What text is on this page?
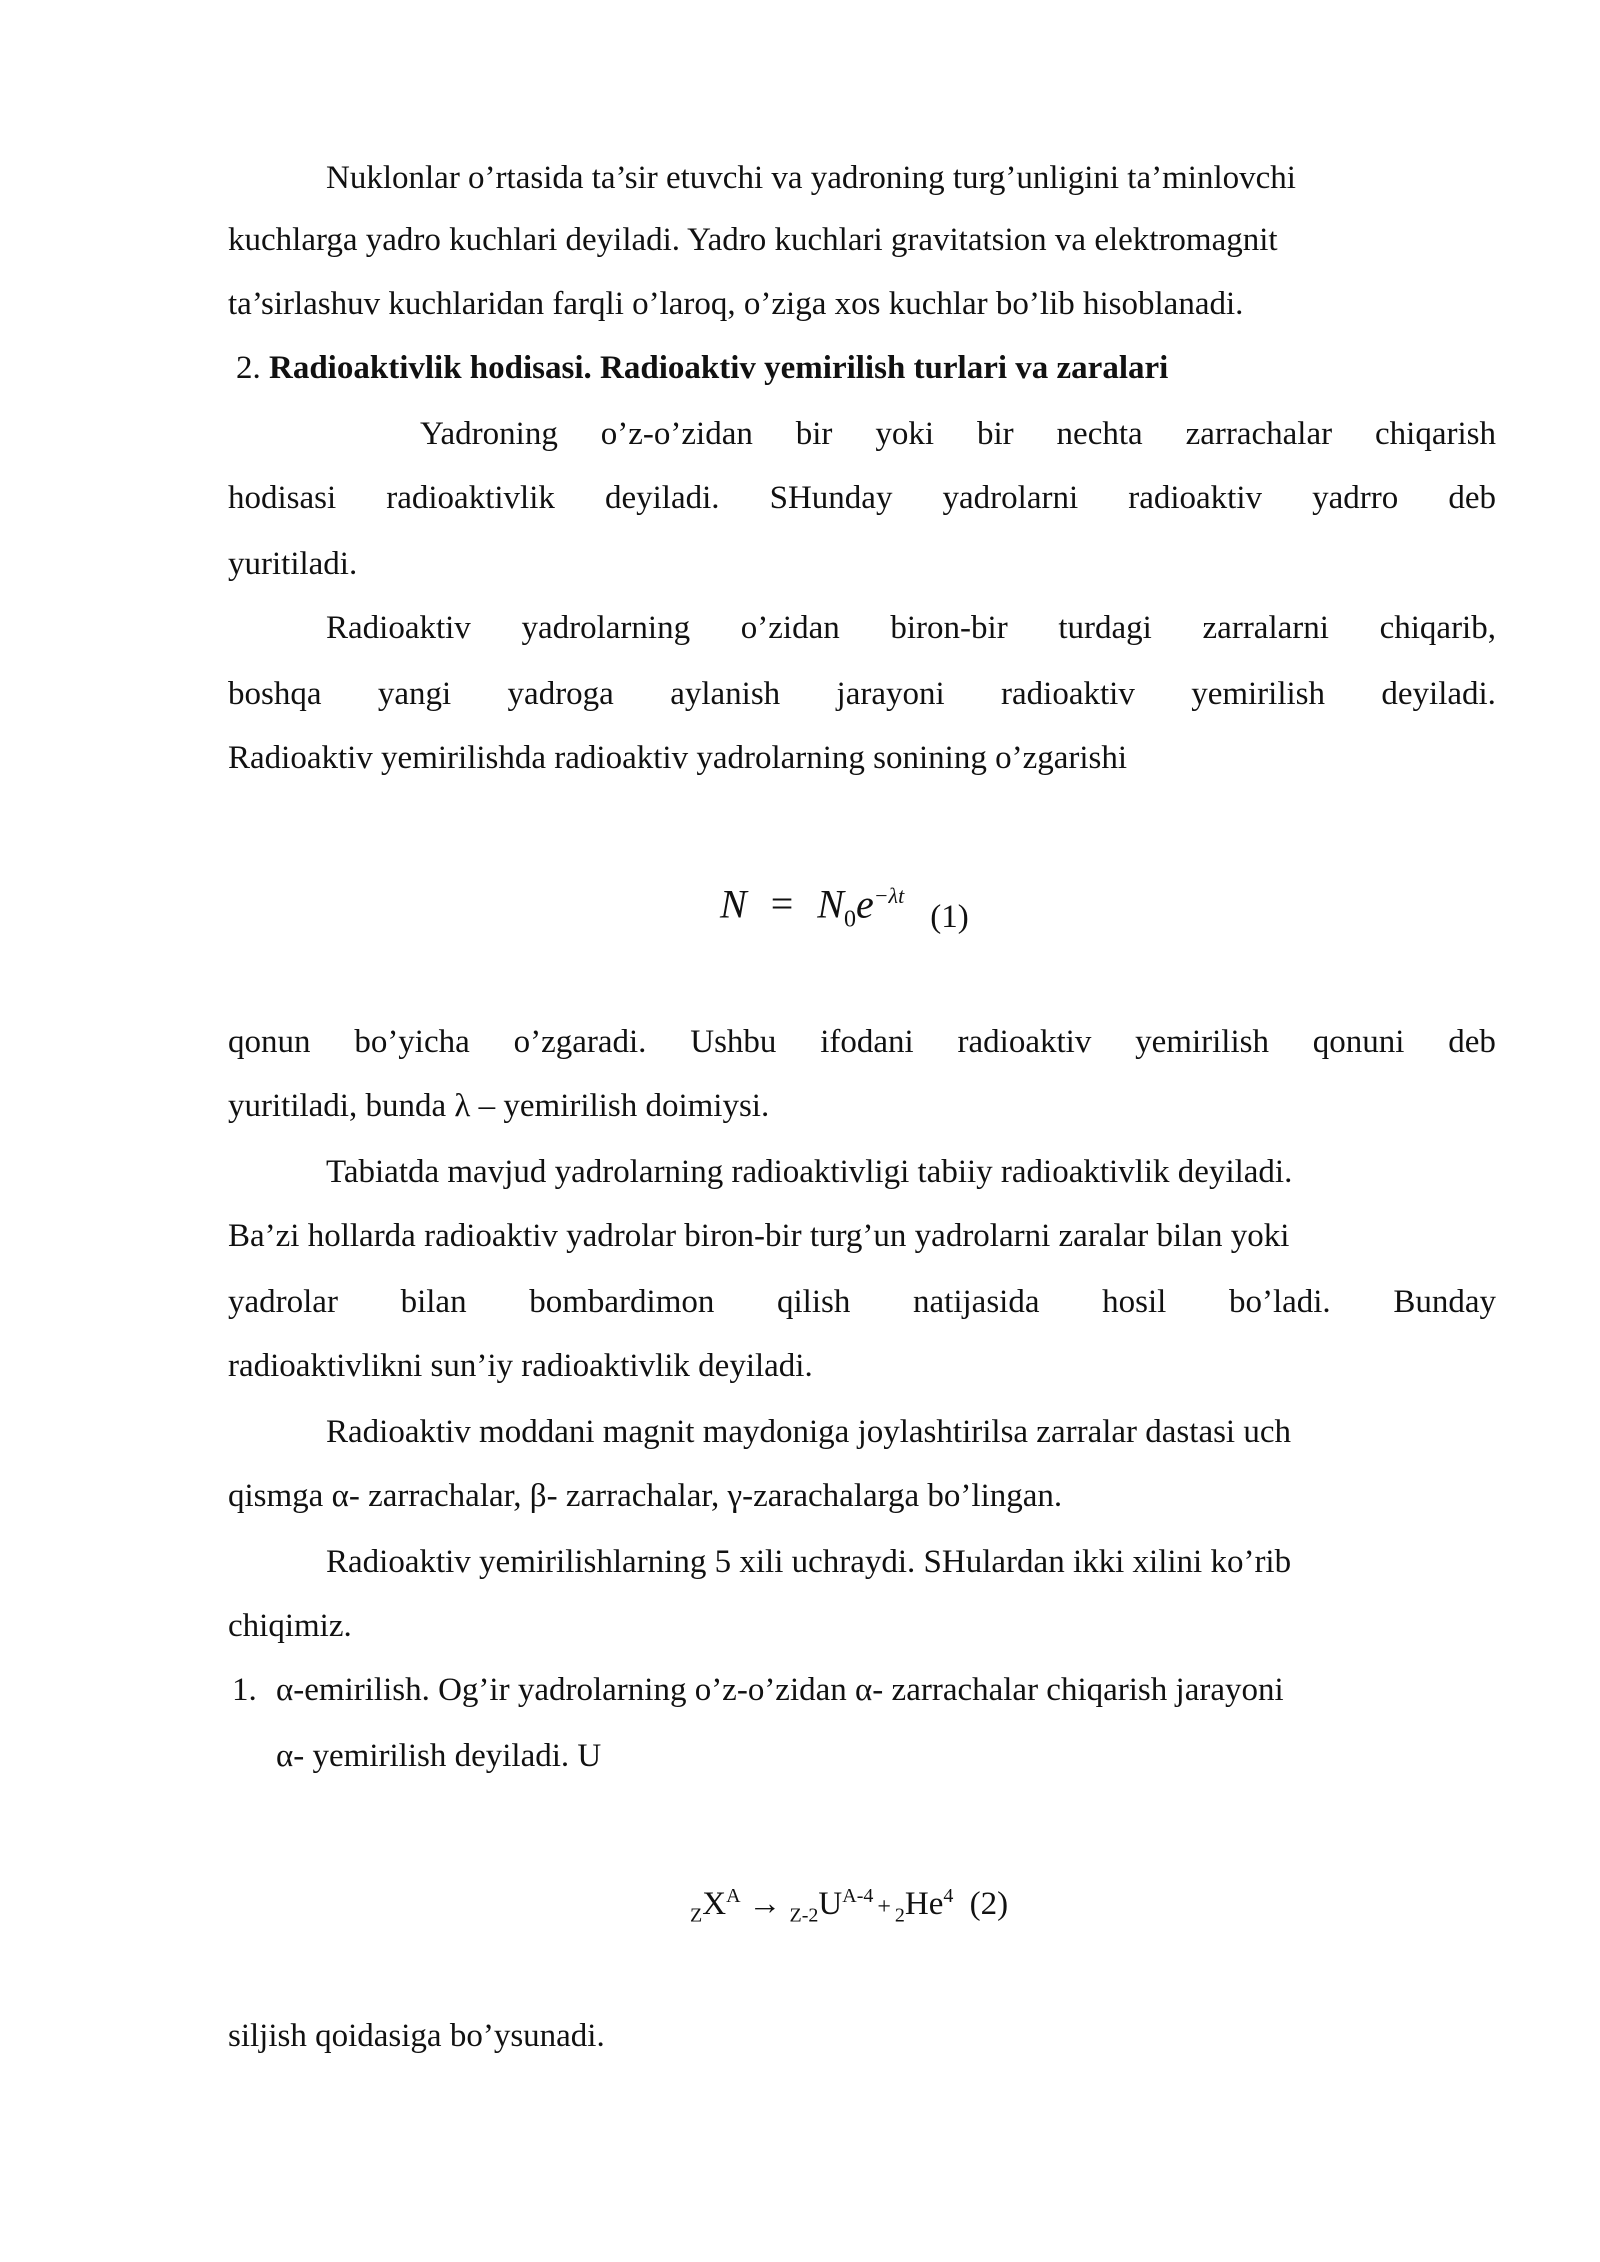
Nuklonlar o’rtasida ta’sir etuvchi va yadroning turg’unligini ta’minlovchi
kuchlarga yadro kuchlari deyiladi. Yadro kuchlari gravitatsion va elektromagnit
ta’sirlashuv kuchlaridan farqli o’laroq, o’ziga xos kuchlar bo’lib hisoblanadi.
2. Radioaktivlik hodisasi. Radioaktiv yemirilish turlari va zaralari
Yadroning o’z-o’zidan bir yoki bir nechta zarrachalar chiqarish
hodisasi radioaktivlik deyiladi. SHunday yadrolarni radioaktiv yadrro deb
yuritiladi.
Radioaktiv yadrolarning o’zidan biron-bir turdagi zarralarni chiqarib,
boshqa yangi yadroga aylanish jarayoni radioaktiv yemirilish deyiladi.
Radioaktiv yemirilishda radioaktiv yadrolarning sonining o’zgarishi
$N = N_0e^{-\lambda t}$ $_{(1)}$
qonun bo’yicha o’zgaradi. Ushbu ifodani radioaktiv yemirilish qonuni deb
yuritiladi, bunda λ – yemirilish doimiysi.
Tabiatda mavjud yadrolarning radioaktivligi tabiiy radioaktivlik deyiladi.
Ba’zi hollarda radioaktiv yadrolar biron-bir turg’un yadrolarni zaralar bilan yoki
yadrolar bilan bombardimon qilish natijasida hosil bo’ladi. Bunday
radioaktivlikni sun’iy radioaktivlik deyiladi.
Radioaktiv moddani magnit maydoniga joylashtirilsa zarralar dastasi uch
qismga α- zarrachalar, β- zarrachalar, γ-zarachalarga bo’lingan.
Radioaktiv yemirilishlarning 5 xili uchraydi. SHulardan ikki xilini ko’rib
chiqimiz.
1. α-emirilish. Og’ir yadrolarning o’z-o’zidan α- zarrachalar chiqarish jarayoni
α- yemirilish deyiladi. U
$_ZX^A \to _{Z-2}U^{A-4} + _2He^4$ (2)
siljish qoidasiga bo’ysunadi.
